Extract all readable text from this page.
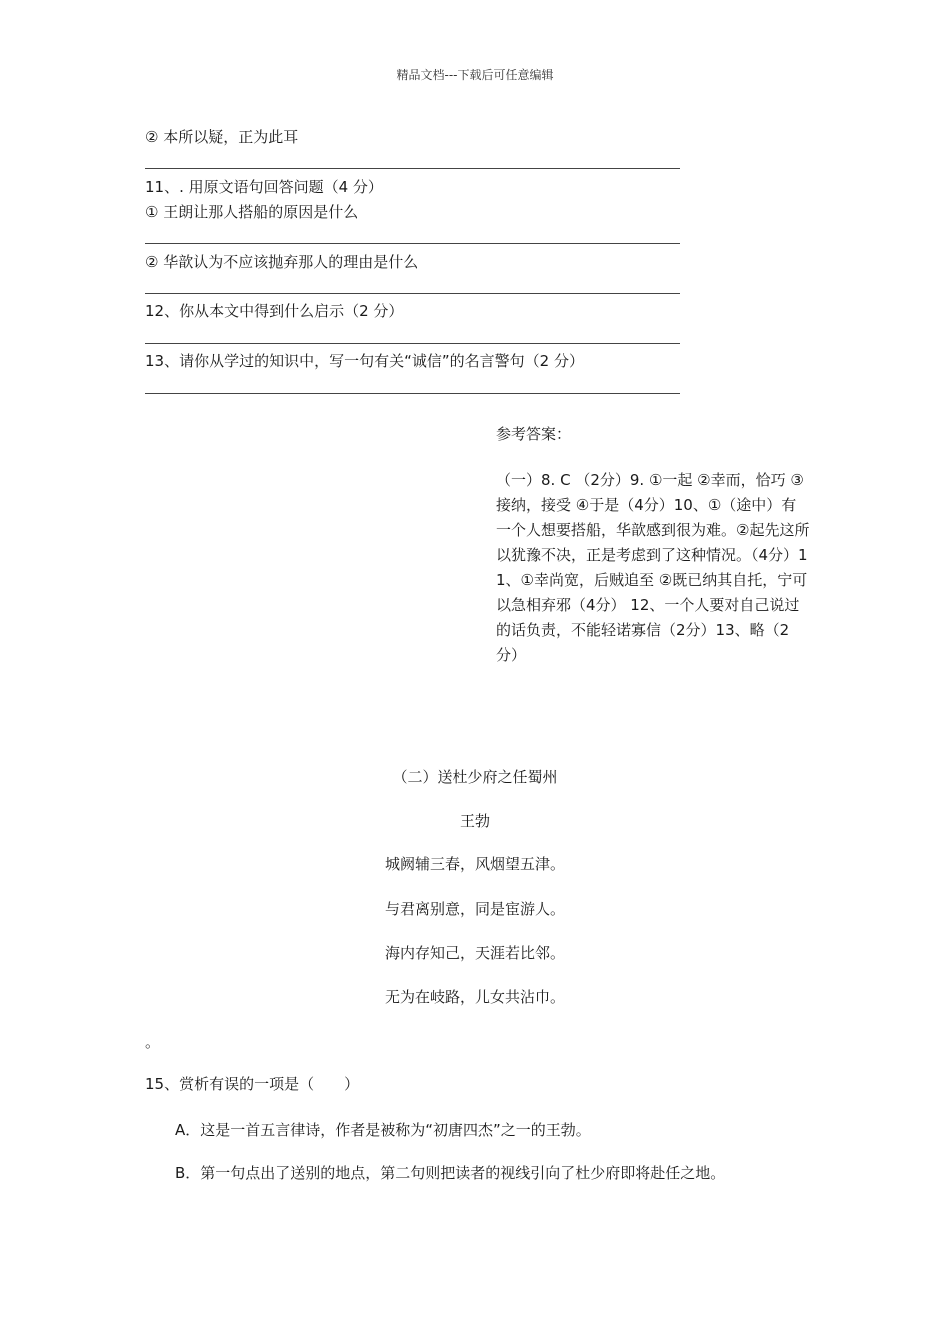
精品文档---下载后可任意编辑
② 本所以疑，正为此耳
11、. 用原文语句回答问题（4 分）
① 王朗让那人搭船的原因是什么
② 华歆认为不应该抛弃那人的理由是什么
12、你从本文中得到什么启示（2 分）
13、请你从学过的知识中，写一句有关“诚信”的名言警句（2 分）
参考答案：
（一）8. C （2分）9. ①一起 ②幸而，恰巧 ③接纳，接受 ④于是（4分）10、①（途中）有一个人想要搭船，华歆感到很为难。②起先这所以犹豫不决，正是考虑到了这种情况。（4分）11、①幸尚宽，后贼追至 ②既已纳其自托，宁可以急相弃邪（4分） 12、一个人要对自己说过的话负责，不能轻诺寡信（2分）13、略（2分）
（二）送杜少府之任蜀州
王勃
城阙辅三春，风烟望五津。
与君离别意，同是宦游人。
海内存知己，天涯若比邻。
无为在岐路，儿女共沾巾。
。
15、赏析有误的一项是（　　）
A．这是一首五言律诗，作者是被称为“初唐四杰”之一的王勃。
B．第一句点出了送别的地点，第二句则把读者的视线引向了杜少府即将赴任之地。
